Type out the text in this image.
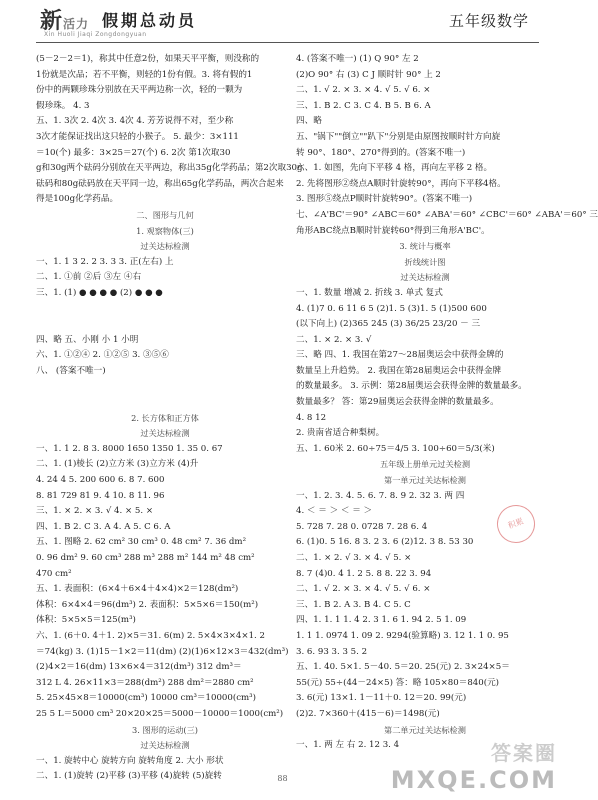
新活力 假期总动员
Xin Huoli Jiaqi Zongdongyuan
五年级数学
(5－2－2＝1)，称其中任意2份，如果天平平衡，则没称的
1份就是次品；若不平衡，则轻的1份有假。3. 将有假的1
份中的两颗珍珠分别放在天平两边称一次，轻的一颗为
假珍珠。 4. 3
五、1. 3次 2. 4次 3. 4次 4. 芳芳说得不对，至少称
3次才能保证找出这只轻的小猴子。 5. 最少：3×111
＝10(个) 最多：3×25＝27(个) 6. 2次 第1次取30
g和30g两个砝码分别放在天平两边，称出35g化学药品；第2次取30g
砝码和80g砝码放在天平同一边，称出65g化学药品，两次合起来
得是100g化学药品。
二、图形与几何
1. 观察物体(三)
过关达标检测
一、1. 1 3 2. 2 3. 3 3. 正(左右) 上
二、1. ①前 ②后 ③左 ④右
三、1. (1) ● ● ● ● (2) ● ● ●

四、略 五、小刚 小 1 小明
六、1. ①②④ 2. ①②⑤ 3. ③⑤⑥
八、 (答案不唯一)

2. 长方体和正方体
过关达标检测
一、1. 1 2. 8 3. 8000 1650 1350 1. 35 0. 67
二、1. (1)棱长 (2)立方米 (3)立方米 (4)升
4. 24 4 5. 200 600 6. 8 7. 600
8. 81 729 81 9. 4 10. 8 11. 96
三、1. × 2. × 3. √ 4. × 5. ×
四、1. B 2. C 3. A 4. A 5. C 6. A
五、1. 图略 2. 62 cm² 30 cm³ 0. 48 cm² 7. 36 dm²
0. 96 dm² 9. 60 cm³ 288 m³ 288 m² 144 m² 48 cm²
470 cm²
五、1. 表面积：(6×4＋6×4＋4×4)×2＝128(dm²)
体积：6×4×4＝96(dm³) 2. 表面积：5×5×6＝150(m²)
体积：5×5×5＝125(m³)
六、1. (6＋0. 4＋1. 2)×5＝31. 6(m) 2. 5×4×3×4×1. 2
＝74(kg) 3. (1)15－1×2＝11(dm) (2)(1)6×12×3＝432(dm³)
(2)4×2＝16(dm) 13×6×4＝312(dm³) 312 dm³＝
312 L 4. 26×11×3＝288(dm²) 288 dm²＝2880 cm²
5. 25×45×8＝10000(cm³) 10000 cm³＝10000(cm³)
25 5 L＝5000 cm³ 20×20×25＝5000－10000＝1000(cm²)
3. 图形的运动(三)
过关达标检测
一、1. 旋转中心 旋转方向 旋转角度 2. 大小 形状
二、1. (1)旋转 (2)平移 (3)平移 (4)旋转 (5)旋转
4. (答案不唯一) (1) Q 90° 左 2
(2)O 90° 右 (3) C J 顺时针 90° 上 2
二、1. √ 2. × 3. × 4. √ 5. √ 6. ×
三、1. B 2. C 3. C 4. B 5. B 6. A
四、略
五、"锅下""倒立""趴下"分别是由原图按顺时针方向旋
转 90°、180°、270°得到的。(答案不唯一)
六、1. 如图，先向下平移 4 格，再向左平移 2 格。
2. 先将图形②绕点A顺时针旋转90°，再向下平移4格。
3. 图形⑤绕点P顺时针旋转90°。(答案不唯一)
七、∠A'BC'＝90° ∠ABC＝60° ∠ABA'＝60° ∠CBC'＝60° ∠ABA'＝60° 三
角形ABC绕点B顺时针旋转60°得到三角形A'BC'。
3. 统计与概率
折线统计图
过关达标检测
一、1. 数量 增减 2. 折线 3. 单式 复式
4. (1)7 0. 6 11 6 5 (2)1. 5 (3)1. 5 (1)500 600
(以下向上) (2)365 245 (3) 36/25 23/20 － 三
二、1. × 2. × 3. √
三、略 四、1. 我国在第27～28届奥运会中获得金牌的
数量呈上升趋势。 2. 我国在第28届奥运会中获得金牌
的数量最多。 3. 示例：第28届奥运会获得金牌的数量最多。
数量最多？ 答：第29届奥运会获得金牌的数量最多。
4. 8 12
2. 贵南省适合种梨树。
五、1. 60米 2. 60÷75＝4/5 3. 100÷60＝5/3(米)
五年级上册单元过关检测
第一单元过关达标检测
一、1. 2. 3. 4. 5. 6. 7. 8. 9 2. 32 3. 两 四
4. ＜ ＝ ＞ ＜ ＝ ＞
5. 728 7. 28 0. 0728 7. 28 6. 4
6. (1)0. 5 16. 8 3. 2 3. 6 (2)12. 3 8. 53 30
二、1. × 2. √ 3. × 4. √ 5. ×
8. 7 (4)0. 4 1. 2 5. 8 8. 22 3. 94
二、1. √ 2. × 3. × 4. √ 5. √ 6. ×
三、1. B 2. A 3. B 4. C 5. C
四、1. 1. 1 1. 4 2. 3 1. 6 1. 94 2. 5 1. 09
1. 1 1. 0974 1. 09 2. 9294(验算略) 3. 12 1. 1 0. 95
3. 6. 93 3. 3 5. 2
五、1. 40. 5×1. 5－40. 5＝20. 25(元) 2. 3×24×5＝
55(元) 55÷(44－24×5) 答：略 105×80＝840(元)
3. 6(元) 13×1. 1－11＋0. 12＝20. 99(元)
(2)2. 7×360＋(415－6)＝1498(元)
第二单元过关达标检测
一、1. 两 左 右 2. 12 3. 4
积累
88
答案圈
MXQE.COM
